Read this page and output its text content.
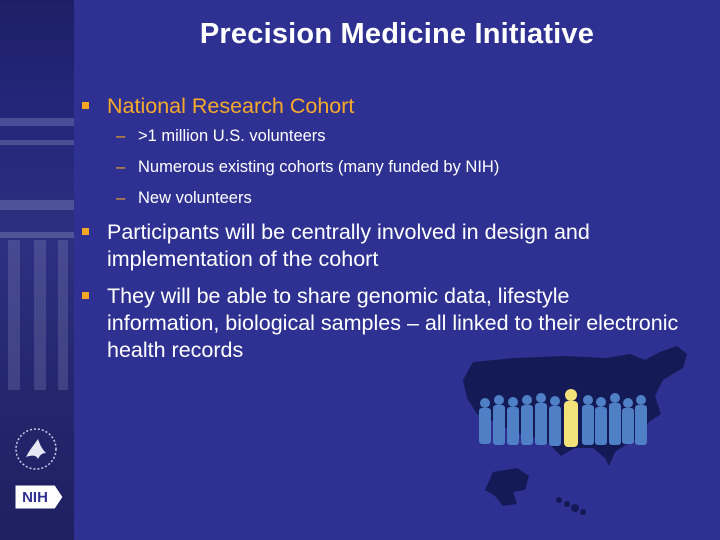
Precision Medicine Initiative
National Research Cohort
– >1 million U.S. volunteers
– Numerous existing cohorts (many funded by NIH)
– New volunteers
Participants will be centrally involved in design and implementation of the cohort
They will be able to share genomic data, lifestyle information, biological samples – all linked to their electronic health records
NIH
